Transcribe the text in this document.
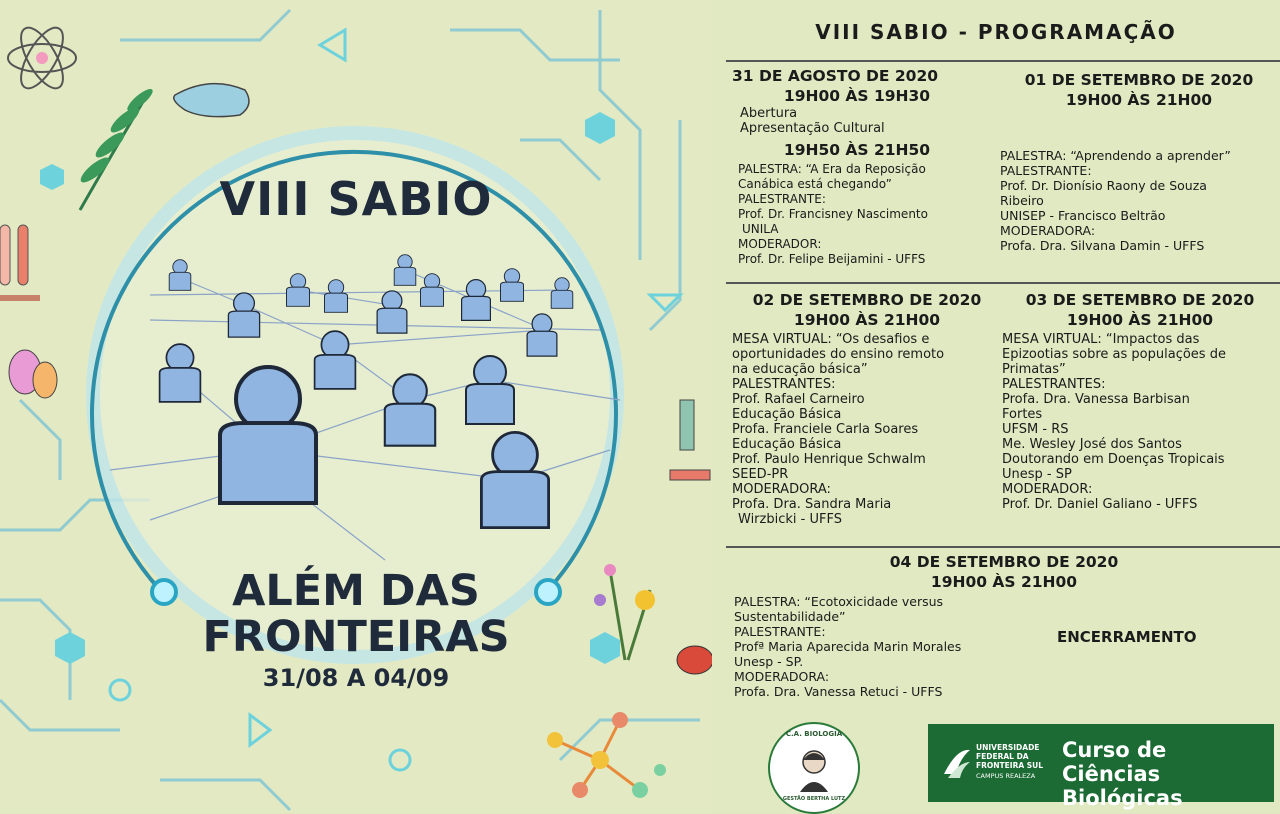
VIII SABIO
ALÉM DAS
FRONTEIRAS
31/08 A 04/09
VIII SABIO - PROGRAMAÇÃO
31 DE AGOSTO DE 2020
19H00 ÀS 19H30
Abertura
Apresentação Cultural
19H50 ÀS 21H50
PALESTRA: “A Era da Reposição
Canábica está chegando”
PALESTRANTE:
Prof. Dr. Francisney Nascimento
UNILA
MODERADOR:
Prof. Dr. Felipe Beijamini - UFFS
01 DE SETEMBRO DE 2020
19H00 ÀS 21H00
PALESTRA: “Aprendendo a aprender”
PALESTRANTE:
Prof. Dr. Dionísio Raony de Souza
Ribeiro
UNISEP - Francisco Beltrão
MODERADORA:
Profa. Dra. Silvana Damin - UFFS
02 DE SETEMBRO DE 2020
19H00 ÀS 21H00
MESA VIRTUAL: “Os desafios e
oportunidades do ensino remoto
na educação básica”
PALESTRANTES:
Prof. Rafael Carneiro
Educação Básica
Profa. Franciele Carla Soares
Educação Básica
Prof. Paulo Henrique Schwalm
SEED-PR
MODERADORA:
Profa. Dra. Sandra Maria
Wirzbicki - UFFS
03 DE SETEMBRO DE 2020
19H00 ÀS 21H00
MESA VIRTUAL: “Impactos das
Epizootias sobre as populações de
Primatas”
PALESTRANTES:
Profa. Dra. Vanessa Barbisan
Fortes
UFSM - RS
Me. Wesley José dos Santos
Doutorando em Doenças Tropicais
Unesp - SP
MODERADOR:
Prof. Dr. Daniel Galiano - UFFS
04 DE SETEMBRO DE 2020
19H00 ÀS 21H00
PALESTRA: “Ecotoxicidade versus
Sustentabilidade”
PALESTRANTE:
Profª Maria Aparecida Marin Morales
Unesp - SP.
MODERADORA:
Profa. Dra. Vanessa Retuci - UFFS
ENCERRAMENTO
C.A. BIOLOGIA
GESTÃO BERTHA LUTZ
UNIVERSIDADE
FEDERAL DA
FRONTEIRA SUL
CAMPUS REALEZA
Curso de
Ciências Biológicas
